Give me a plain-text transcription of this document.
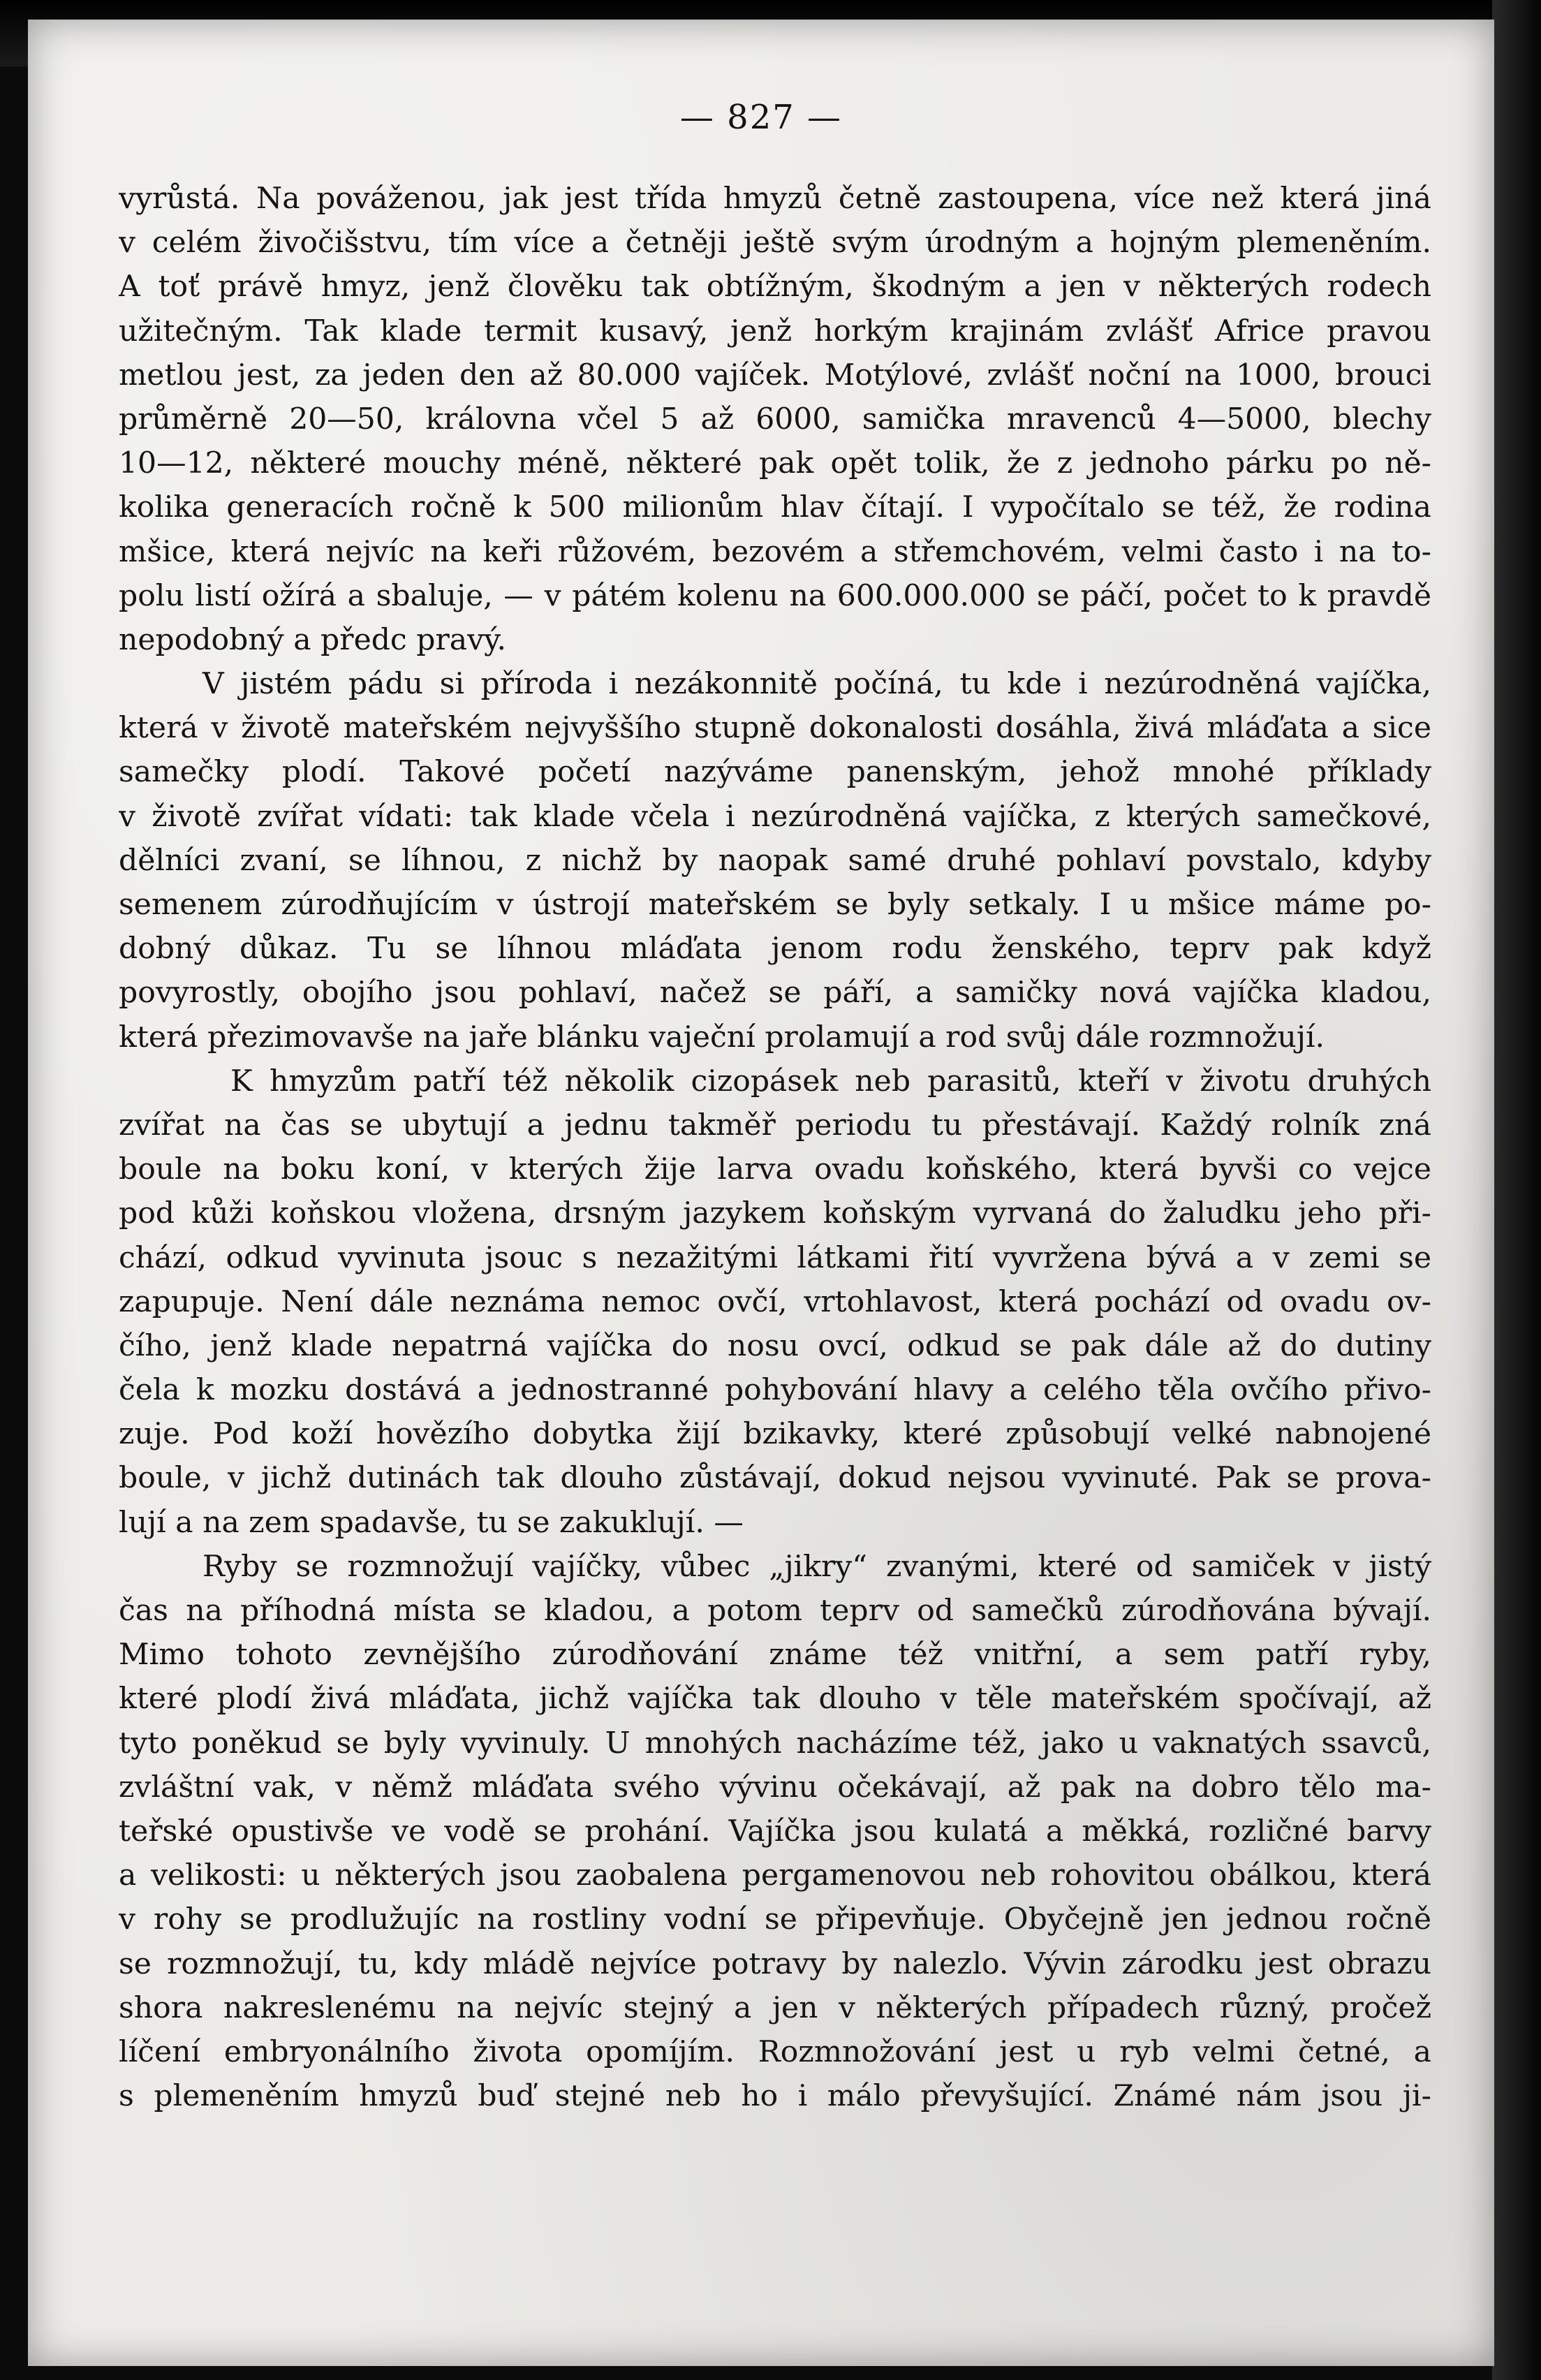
— 827 —
vyrůstá. Na pováženou, jak jest třída hmyzů četně zastoupena, více než která jiná
v celém živočišstvu, tím více a četněji ještě svým úrodným a hojným plemeněním.
A toť právě hmyz, jenž člověku tak obtížným, škodným a jen v některých rodech
užitečným. Tak klade termit kusavý, jenž horkým krajinám zvlášť Africe pravou
metlou jest, za jeden den až 80.000 vajíček. Motýlové, zvlášť noční na 1000, brouci
průměrně 20—50, královna včel 5 až 6000, samička mravenců 4—5000, blechy
10—12, některé mouchy méně, některé pak opět tolik, že z jednoho párku po ně-
kolika generacích ročně k 500 milionům hlav čítají. I vypočítalo se též, že rodina
mšice, která nejvíc na keři růžovém, bezovém a střemchovém, velmi často i na to-
polu listí ožírá a sbaluje, — v pátém kolenu na 600.000.000 se páčí, počet to k pravdě
nepodobný a předc pravý.
V jistém pádu si příroda i nezákonnitě počíná, tu kde i nezúrodněná vajíčka,
která v životě mateřském nejvyššího stupně dokonalosti dosáhla, živá mláďata a sice
samečky plodí. Takové početí nazýváme panenským, jehož mnohé příklady
v životě zvířat vídati: tak klade včela i nezúrodněná vajíčka, z kterých samečkové,
dělníci zvaní, se líhnou, z nichž by naopak samé druhé pohlaví povstalo, kdyby
semenem zúrodňujícím v ústrojí mateřském se byly setkaly. I u mšice máme po-
dobný důkaz. Tu se líhnou mláďata jenom rodu ženského, teprv pak když
povyrostly, obojího jsou pohlaví, načež se páří, a samičky nová vajíčka kladou,
která přezimovavše na jaře blánku vaječní prolamují a rod svůj dále rozmnožují.
K hmyzům patří též několik cizopásek neb parasitů, kteří v životu druhých
zvířat na čas se ubytují a jednu takměř periodu tu přestávají. Každý rolník zná
boule na boku koní, v kterých žije larva ovadu koňského, která byvši co vejce
pod kůži koňskou vložena, drsným jazykem koňským vyrvaná do žaludku jeho při-
chází, odkud vyvinuta jsouc s nezažitými látkami řití vyvržena bývá a v zemi se
zapupuje. Není dále neznáma nemoc ovčí, vrtohlavost, která pochází od ovadu ov-
čího, jenž klade nepatrná vajíčka do nosu ovcí, odkud se pak dále až do dutiny
čela k mozku dostává a jednostranné pohybování hlavy a celého těla ovčího přivo-
zuje. Pod koží hovězího dobytka žijí bzikavky, které způsobují velké nabnojené
boule, v jichž dutinách tak dlouho zůstávají, dokud nejsou vyvinuté. Pak se prova-
lují a na zem spadavše, tu se zakuklují. —
Ryby se rozmnožují vajíčky, vůbec „jikry“ zvanými, které od samiček v jistý
čas na příhodná místa se kladou, a potom teprv od samečků zúrodňována bývají.
Mimo tohoto zevnějšího zúrodňování známe též vnitřní, a sem patří ryby,
které plodí živá mláďata, jichž vajíčka tak dlouho v těle mateřském spočívají, až
tyto poněkud se byly vyvinuly. U mnohých nacházíme též, jako u vaknatých ssavců,
zvláštní vak, v němž mláďata svého vývinu očekávají, až pak na dobro tělo ma-
teřské opustivše ve vodě se prohání. Vajíčka jsou kulatá a měkká, rozličné barvy
a velikosti: u některých jsou zaobalena pergamenovou neb rohovitou obálkou, která
v rohy se prodlužujíc na rostliny vodní se připevňuje. Obyčejně jen jednou ročně
se rozmnožují, tu, kdy mládě nejvíce potravy by nalezlo. Vývin zárodku jest obrazu
shora nakreslenému na nejvíc stejný a jen v některých případech různý, pročež
líčení embryonálního života opomíjím. Rozmnožování jest u ryb velmi četné, a
s plemeněním hmyzů buď stejné neb ho i málo převyšující. Známé nám jsou ji-
